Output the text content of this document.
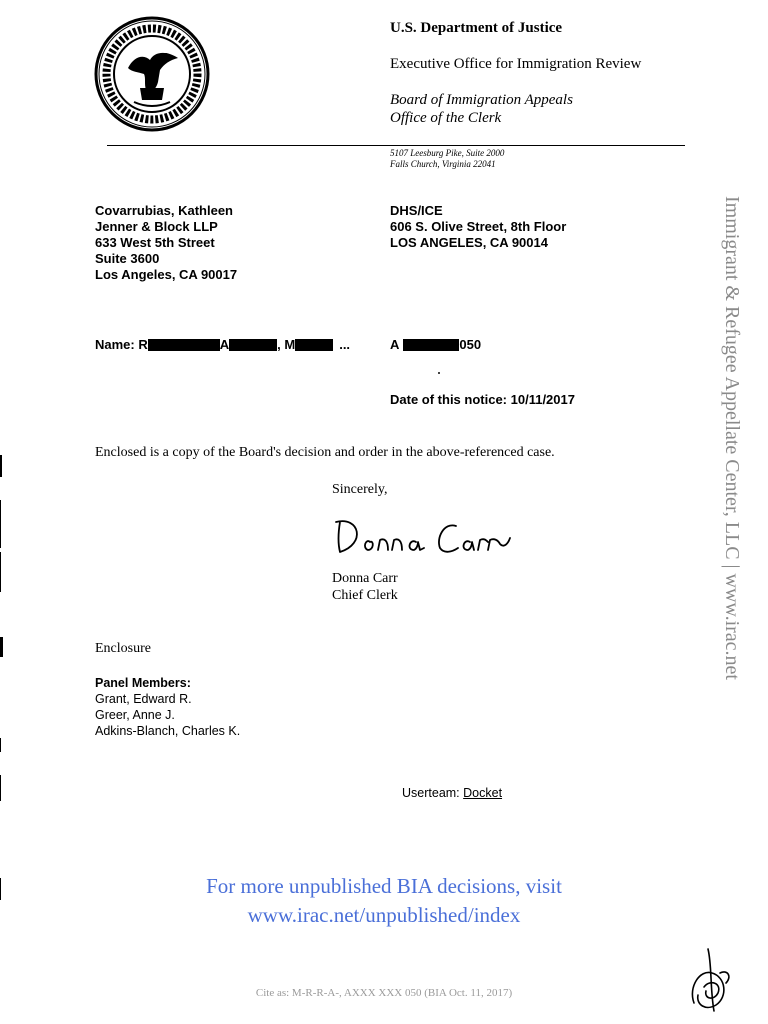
U.S. Department of Justice
Executive Office for Immigration Review
Board of Immigration Appeals
Office of the Clerk
5107 Leesburg Pike, Suite 2000
Falls Church, Virginia 22041
Covarrubias, Kathleen
Jenner & Block LLP
633 West 5th Street
Suite 3600
Los Angeles, CA 90017
DHS/ICE
606 S. Olive Street, 8th Floor
LOS ANGELES, CA 90014
Name: R	A	, M	...	A	050
Date of this notice: 10/11/2017
Enclosed is a copy of the Board's decision and order in the above-referenced case.
Sincerely,
Donna Carr
Chief Clerk
Enclosure
Panel Members:
Grant, Edward R.
Greer, Anne J.
Adkins-Blanch, Charles K.
Userteam: Docket
Immigrant & Refugee Appellate Center, LLC | www.irac.net
For more unpublished BIA decisions, visit
www.irac.net/unpublished/index
Cite as: M-R-R-A-, AXXX XXX 050 (BIA Oct. 11, 2017)
